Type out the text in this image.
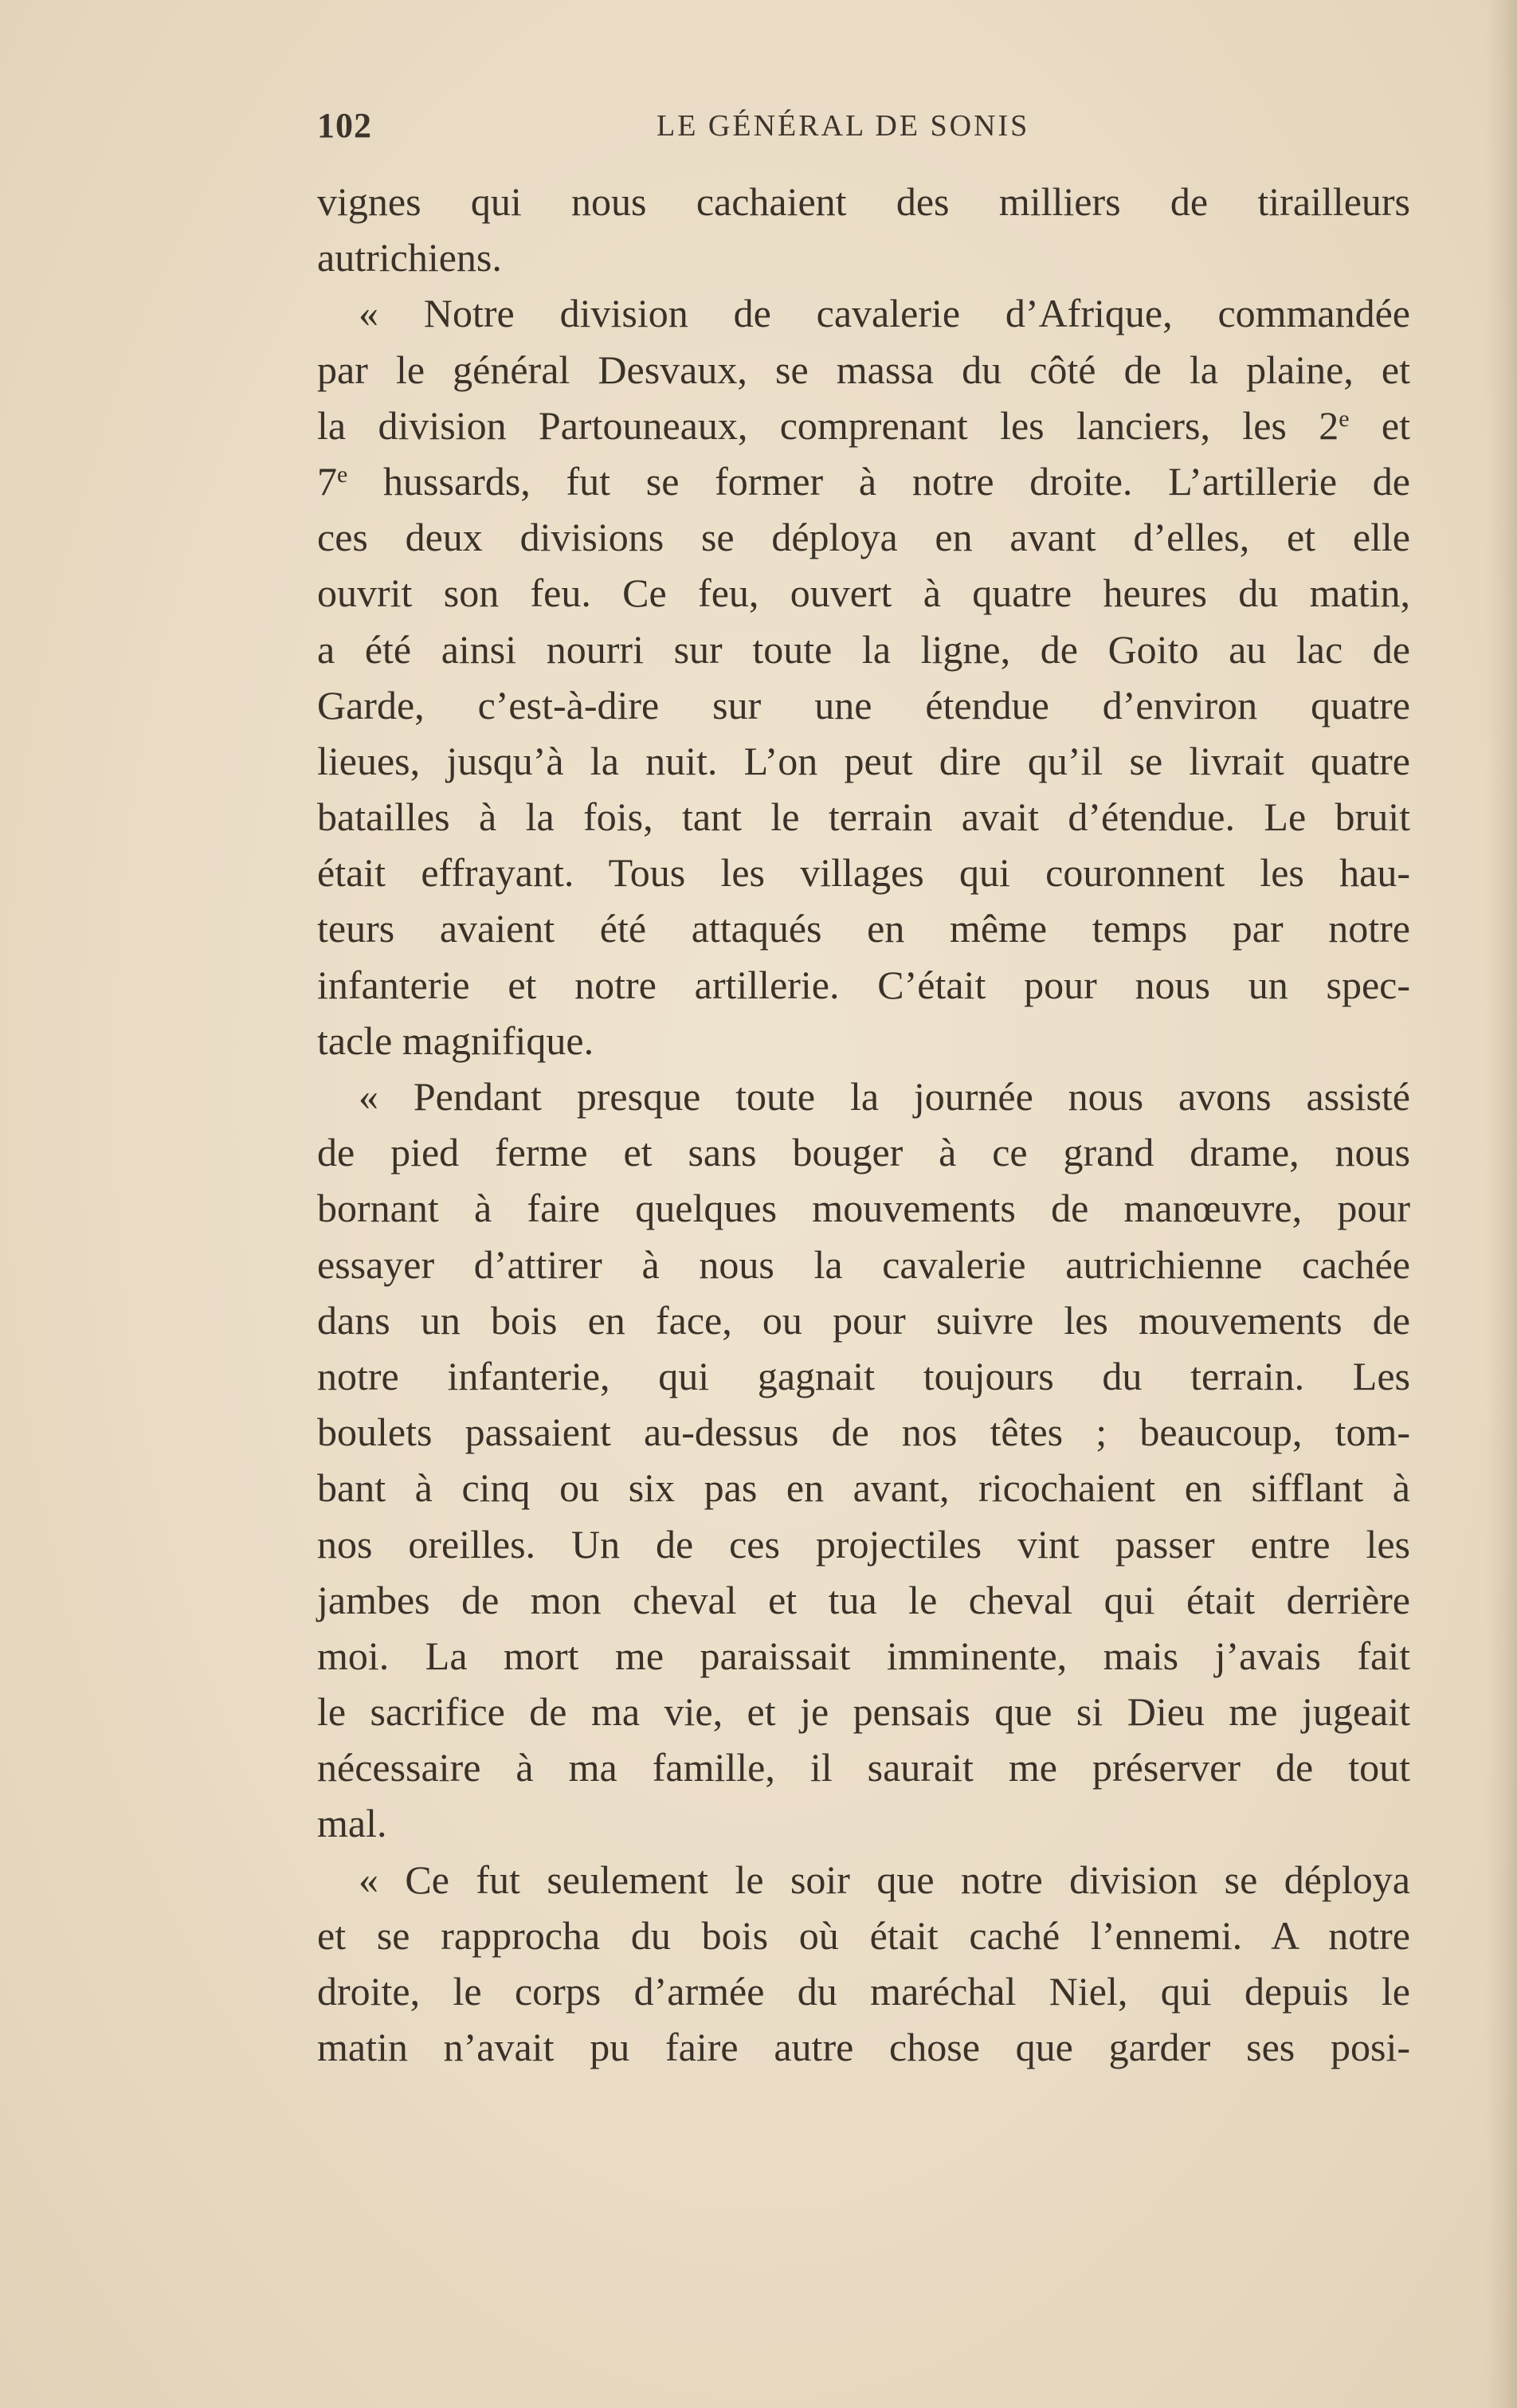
102	LE GÉNÉRAL DE SONIS
vignes qui nous cachaient des milliers de tirailleurs
autrichiens.
« Notre division de cavalerie d’Afrique, commandée
par le général Desvaux, se massa du côté de la plaine, et
la division Partouneaux, comprenant les lanciers, les 2e et
7e hussards, fut se former à notre droite. L’artillerie de
ces deux divisions se déploya en avant d’elles, et elle
ouvrit son feu. Ce feu, ouvert à quatre heures du matin,
a été ainsi nourri sur toute la ligne, de Goito au lac de
Garde, c’est-à-dire sur une étendue d’environ quatre
lieues, jusqu’à la nuit. L’on peut dire qu’il se livrait quatre
batailles à la fois, tant le terrain avait d’étendue. Le bruit
était effrayant. Tous les villages qui couronnent les hau-
teurs avaient été attaqués en même temps par notre
infanterie et notre artillerie. C’était pour nous un spec-
tacle magnifique.
« Pendant presque toute la journée nous avons assisté
de pied ferme et sans bouger à ce grand drame, nous
bornant à faire quelques mouvements de manœuvre, pour
essayer d’attirer à nous la cavalerie autrichienne cachée
dans un bois en face, ou pour suivre les mouvements de
notre infanterie, qui gagnait toujours du terrain. Les
boulets passaient au-dessus de nos têtes ; beaucoup, tom-
bant à cinq ou six pas en avant, ricochaient en sifflant à
nos oreilles. Un de ces projectiles vint passer entre les
jambes de mon cheval et tua le cheval qui était derrière
moi. La mort me paraissait imminente, mais j’avais fait
le sacrifice de ma vie, et je pensais que si Dieu me jugeait
nécessaire à ma famille, il saurait me préserver de tout
mal.
« Ce fut seulement le soir que notre division se déploya
et se rapprocha du bois où était caché l’ennemi. A notre
droite, le corps d’armée du maréchal Niel, qui depuis le
matin n’avait pu faire autre chose que garder ses posi-
